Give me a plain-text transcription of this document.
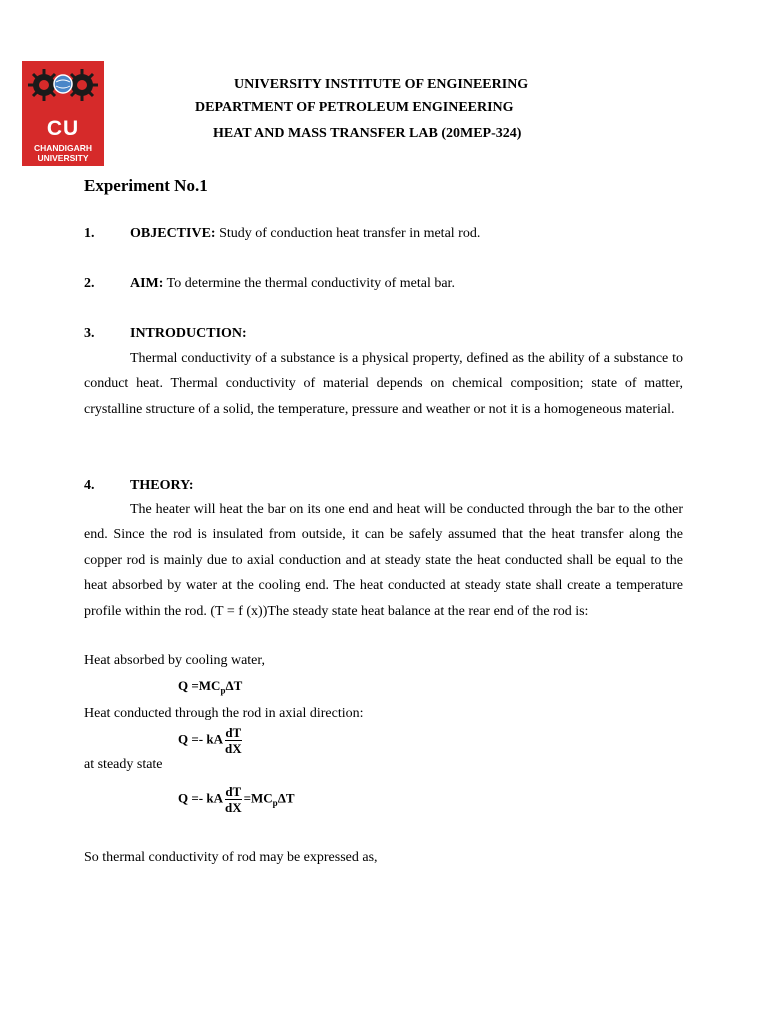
CU
CHANDIGARH
UNIVERSITY
UNIVERSITY INSTITUTE OF ENGINEERING
DEPARTMENT OF PETROLEUM ENGINEERING
HEAT AND MASS TRANSFER LAB (20MEP-324)
Experiment No.1
1.	OBJECTIVE: Study of conduction heat transfer in metal rod.
2.	AIM: To determine the thermal conductivity of metal bar.
3.	INTRODUCTION:
Thermal conductivity of a substance is a physical property, defined as the ability of a substance to conduct heat. Thermal conductivity of material depends on chemical composition; state of matter, crystalline structure of a solid, the temperature, pressure and weather or not it is a homogeneous material.
4.	THEORY:
The heater will heat the bar on its one end and heat will be conducted through the bar to the other end. Since the rod is insulated from outside, it can be safely assumed that the heat transfer along the copper rod is mainly due to axial conduction and at steady state the heat conducted shall be equal to the heat absorbed by water at the cooling end. The heat conducted at steady state shall create a temperature profile within the rod. (T = f (x))The steady state heat balance at the rear end of the rod is:
Heat absorbed by cooling water,
$Q =MC_p\Delta T$
Heat conducted through the rod in axial direction:
Q =- kA $\frac{dT}{dX}$
at steady state
Q =- kA $\frac{dT}{dX} =MC_p\Delta T$
So thermal conductivity of rod may be expressed as,
